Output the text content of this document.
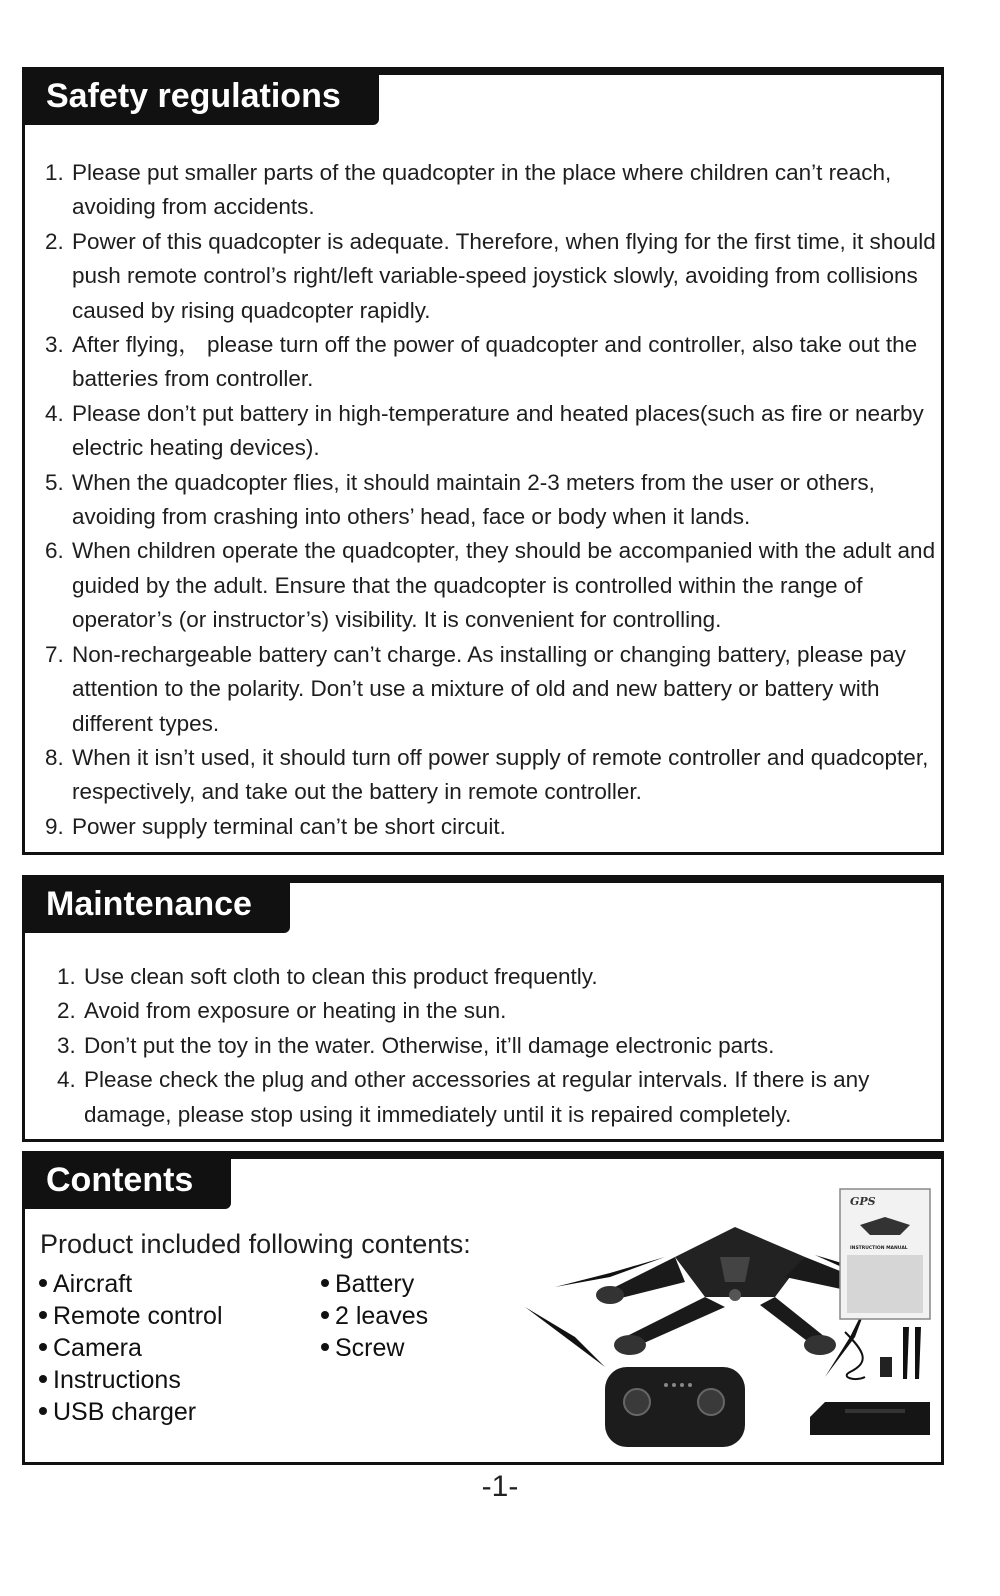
Safety regulations
1. Please put smaller parts of the quadcopter in the place where children can’t reach, avoiding from accidents.
2. Power of this quadcopter is adequate. Therefore, when flying for the first time, it should push remote control’s right/left variable-speed joystick slowly, avoiding from collisions caused by rising quadcopter rapidly.
3. After flying， please turn off the power of quadcopter and controller, also take out the batteries from controller.
4. Please don’t put battery in high-temperature and heated places(such as fire or nearby electric heating devices).
5. When the quadcopter flies, it should maintain 2-3 meters from the user or others, avoiding from crashing into others’ head, face or body when it lands.
6. When children operate the quadcopter, they should be accompanied with the adult and guided by the adult. Ensure that the quadcopter is controlled within the range of operator’s (or instructor’s) visibility. It is convenient for controlling.
7. Non-rechargeable battery can’t charge. As installing or changing battery, please pay attention to the polarity. Don’t use a mixture of old and new battery or battery with different types.
8. When it isn’t used, it should turn off power supply of remote controller and quadcopter, respectively, and take out the battery in remote controller.
9. Power supply terminal can’t be short circuit.
Maintenance
1. Use clean soft cloth to clean this product frequently.
2. Avoid from exposure or heating in the sun.
3. Don’t put the toy in the water. Otherwise, it’ll damage electronic parts.
4. Please check the plug and other accessories at regular intervals. If there is any damage, please stop using it immediately until it is repaired completely.
Contents
Product included following contents:
Aircraft
Remote control
Camera
Instructions
USB charger
Battery
2 leaves
Screw
GPS
INSTRUCTION MANUAL
-1-
